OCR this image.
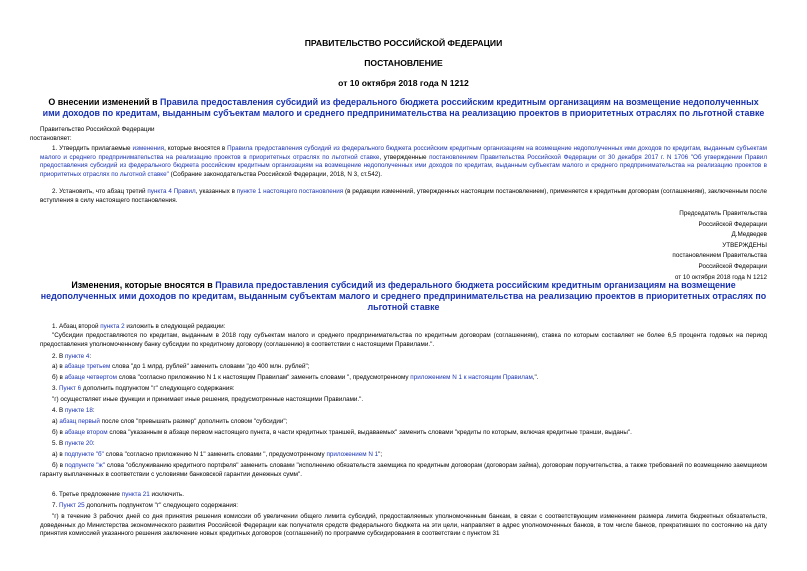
ПРАВИТЕЛЬСТВО РОССИЙСКОЙ ФЕДЕРАЦИИ
ПОСТАНОВЛЕНИЕ
от 10 октября 2018 года N 1212
О внесении изменений в Правила предоставления субсидий из федерального бюджета российским кредитным организациям на возмещение недополученных ими доходов по кредитам, выданным субъектам малого и среднего предпринимательства на реализацию проектов в приоритетных отраслях по льготной ставке
Правительство Российской Федерации
постановляет:
1. Утвердить прилагаемые изменения, которые вносятся в Правила предоставления субсидий из федерального бюджета российским кредитным организациям на возмещение недополученных ими доходов по кредитам, выданным субъектам малого и среднего предпринимательства на реализацию проектов в приоритетных отраслях по льготной ставке, утвержденные постановлением Правительства Российской Федерации от 30 декабря 2017 г. N 1706 "Об утверждении Правил предоставления субсидий из федерального бюджета российским кредитным организациям на возмещение недополученных ими доходов по кредитам, выданным субъектам малого и среднего предпринимательства на реализацию проектов в приоритетных отраслях по льготной ставке" (Собрание законодательства Российской Федерации, 2018, N 3, ст.542).
2. Установить, что абзац третий пункта 4 Правил, указанных в пункте 1 настоящего постановления (в редакции изменений, утвержденных настоящим постановлением), применяется к кредитным договорам (соглашениям), заключенным после вступления в силу настоящего постановления.
Председатель Правительства
Российской Федерации
Д.Медведев
УТВЕРЖДЕНЫ
постановлением Правительства
Российской Федерации
от 10 октября 2018 года N 1212
Изменения, которые вносятся в Правила предоставления субсидий из федерального бюджета российским кредитным организациям на возмещение недополученных ими доходов по кредитам, выданным субъектам малого и среднего предпринимательства на реализацию проектов в приоритетных отраслях по льготной ставке
1. Абзац второй пункта 2 изложить в следующей редакции:
"Субсидии предоставляются по кредитам, выданным в 2018 году субъектам малого и среднего предпринимательства по кредитным договорам (соглашениям), ставка по которым составляет не более 6,5 процента годовых на период предоставления уполномоченному банку субсидии по кредитному договору (соглашению) в соответствии с настоящими Правилами.".
2. В пункте 4:
а) в абзаце третьем слова "до 1 млрд. рублей" заменить словами "до 400 млн. рублей";
б) в абзаце четвертом слова "согласно приложению N 1 к настоящим Правилам" заменить словами ", предусмотренному приложением N 1 к настоящим Правилам,".
3. Пункт 6 дополнить подпунктом "г" следующего содержания:
"г) осуществляет иные функции и принимает иные решения, предусмотренные настоящими Правилами.".
4. В пункте 18:
а) абзац первый после слов "превышать размер" дополнить словом "субсидии";
б) в абзаце втором слова "указанным в абзаце первом настоящего пункта, в части кредитных траншей, выдаваемых" заменить словами "кредиты по которым, включая кредитные транши, выданы".
5. В пункте 20:
а) в подпункте "б" слова "согласно приложению N 1" заменить словами ", предусмотренному приложением N 1";
б) в подпункте "ж" слова "обслуживанию кредитного портфеля" заменить словами "исполнению обязательств заемщика по кредитным договорам (договорам займа), договорам поручительства, а также требований по возмещению заемщиком гаранту выплаченных в соответствии с условиями банковской гарантии денежных сумм".
6. Третье предложение пункта 21 исключить.
7. Пункт 25 дополнить подпунктом "г" следующего содержания:
"г) в течение 3 рабочих дней со дня принятия решения комиссии об увеличении общего лимита субсидий, предоставляемых уполномоченным банкам, в связи с соответствующим изменением размера лимита бюджетных обязательств, доведенных до Министерства экономического развития Российской Федерации как получателя средств федерального бюджета на эти цели, направляет в адрес уполномоченных банков, в том числе банков, прекративших по состоянию на дату принятия комиссией указанного решения заключение новых кредитных договоров (соглашений) по программе субсидирования в соответствии с пунктом 31
